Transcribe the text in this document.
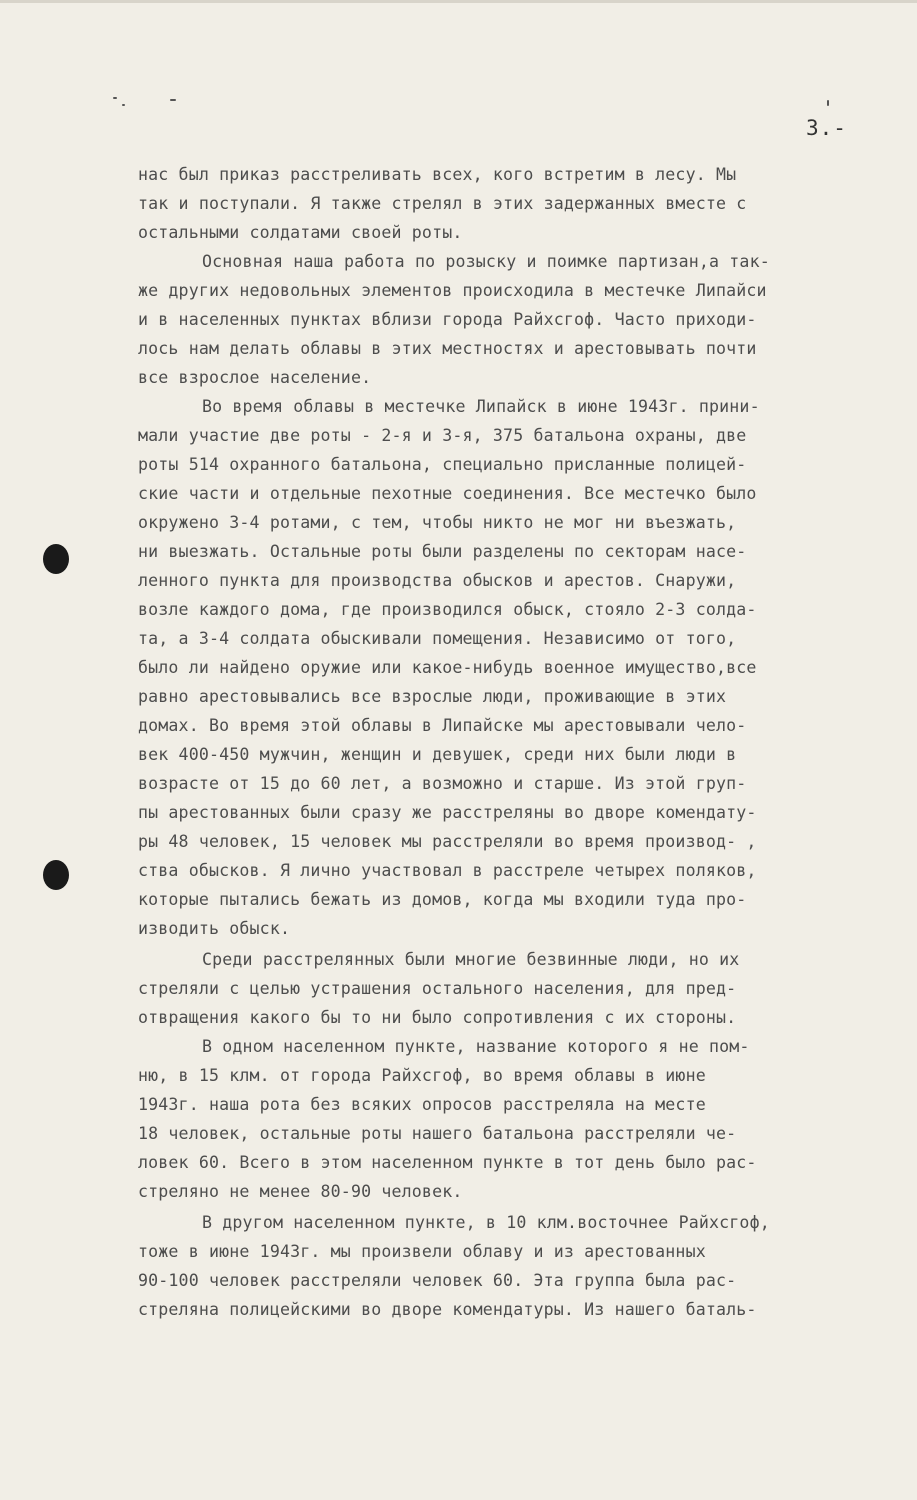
3.-
нас был приказ расстреливать всех, кого встретим в лесу. Мы
так и поступали. Я также стрелял в этих задержанных вместе с
остальными солдатами своей роты.
Основная наша работа по розыску и поимке партизан,а так-
же других недовольных элементов происходила в местечке Липайси
и в населенных пунктах вблизи города Райхсгоф. Часто приходи-
лось нам делать облавы в этих местностях и арестовывать почти
все взрослое население.
Во время облавы в местечке Липайск в июне 1943г. прини-
мали участие две роты - 2-я и 3-я, 375 батальона охраны, две
роты 514 охранного батальона, специально присланные полицей-
ские части и отдельные пехотные соединения. Все местечко было
окружено 3-4 ротами, с тем, чтобы никто не мог ни въезжать,
ни выезжать. Остальные роты были разделены по секторам насе-
ленного пункта для производства обысков и арестов. Снаружи,
возле каждого дома, где производился обыск, стояло 2-3 солда-
та, а 3-4 солдата обыскивали помещения. Независимо от того,
было ли найдено оружие или какое-нибудь военное имущество,все
равно арестовывались все взрослые люди, проживающие в этих
домах. Во время этой облавы в Липайске мы арестовывали чело-
век 400-450 мужчин, женщин и девушек, среди них были люди в
возрасте от 15 до 60 лет, а возможно и старше. Из этой груп-
пы арестованных были сразу же расстреляны во дворе комендату-
ры 48 человек, 15 человек мы расстреляли во время производ- ,
ства обысков. Я лично участвовал в расстреле четырех поляков,
которые пытались бежать из домов, когда мы входили туда про-
изводить обыск.
Среди расстрелянных были многие безвинные люди, но их
стреляли с целью устрашения остального населения, для пред-
отвращения какого бы то ни было сопротивления с их стороны.
В одном населенном пункте, название которого я не пом-
ню, в 15 клм. от города Райхсгоф, во время облавы в июне
1943г. наша рота без всяких опросов расстреляла на месте
18 человек, остальные роты нашего батальона расстреляли че-
ловек 60. Всего в этом населенном пункте в тот день было рас-
стреляно не менее 80-90 человек.
В другом населенном пункте, в 10 клм.восточнее Райхсгоф,
тоже в июне 1943г. мы произвели облаву и из арестованных
90-100 человек расстреляли человек 60. Эта группа была рас-
стреляна полицейскими во дворе комендатуры. Из нашего баталь-
